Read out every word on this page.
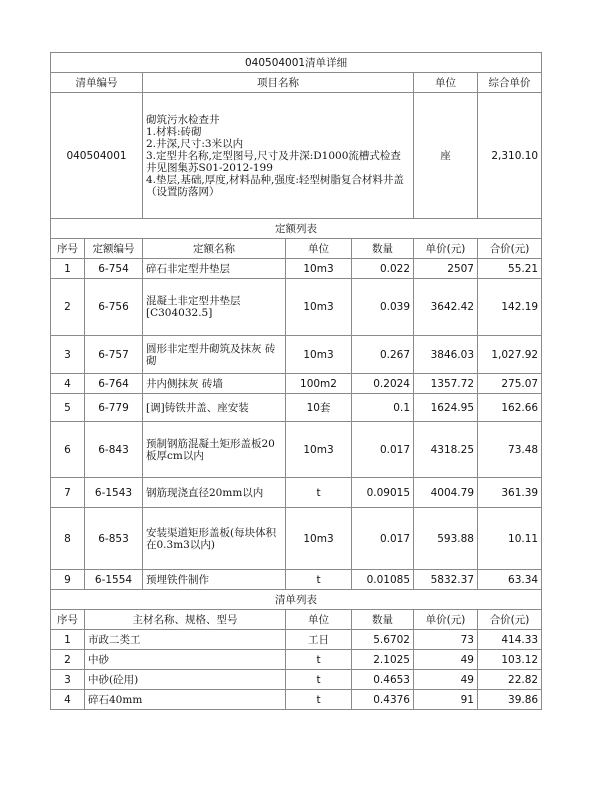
040504001清单详细						
清单编号		项目名称			单位	综合单价
040504001		砌筑污水检查井
1.材料:砖砌
2.井深,尺寸:3米以内
3.定型井名称,定型图号,尺寸及井深:D1000流槽式检查井见图集苏S01-2012-199
4.垫层,基础,厚度,材料品种,强度:轻型树脂复合材料井盖（设置防落网）			座	2,310.10
定额列表						
序号	定额编号	定额名称	单位	数量	单价(元)	合价(元)
1	6-754	碎石非定型井垫层	10m3	0.022	2507	55.21
2	6-756	混凝土非定型井垫层[C304032.5]	10m3	0.039	3642.42	142.19
3	6-757	圆形非定型井砌筑及抹灰 砖砌	10m3	0.267	3846.03	1,027.92
4	6-764	井内侧抹灰 砖墙	100m2	0.2024	1357.72	275.07
5	6-779	[调]铸铁井盖、座安装	10套	0.1	1624.95	162.66
6	6-843	预制钢筋混凝土矩形盖板20板厚cm以内	10m3	0.017	4318.25	73.48
7	6-1543	钢筋现浇直径20mm以内	t	0.09015	4004.79	361.39
8	6-853	安装渠道矩形盖板(每块体积在0.3m3以内)	10m3	0.017	593.88	10.11
9	6-1554	预埋铁件制作	t	0.01085	5832.37	63.34
清单列表						
序号	主材名称、规格、型号		单位	数量	单价(元)	合价(元)
1	市政二类工		工日	5.6702	73	414.33
2	中砂		t	2.1025	49	103.12
3	中砂(砼用)		t	0.4653	49	22.82
4	碎石40mm		t	0.4376	91	39.86
